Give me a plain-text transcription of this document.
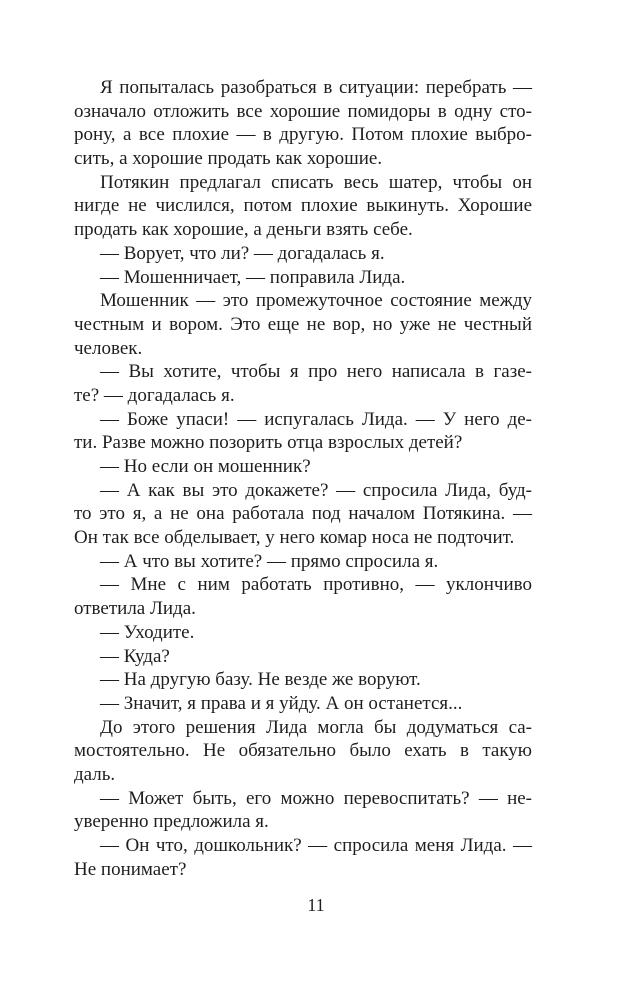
Я попыталась разобраться в ситуации: перебрать —
означало отложить все хорошие помидоры в одну сто-
рону, а все плохие — в другую. Потом плохие выбро-
сить, а хорошие продать как хорошие.
Потякин предлагал списать весь шатер, чтобы он
нигде не числился, потом плохие выкинуть. Хорошие
продать как хорошие, а деньги взять себе.
— Ворует, что ли? — догадалась я.
— Мошенничает, — поправила Лида.
Мошенник — это промежуточное состояние между
честным и вором. Это еще не вор, но уже не честный
человек.
— Вы хотите, чтобы я про него написала в газе-
те? — догадалась я.
— Боже упаси! — испугалась Лида. — У него де-
ти. Разве можно позорить отца взрослых детей?
— Но если он мошенник?
— А как вы это докажете? — спросила Лида, буд-
то это я, а не она работала под началом Потякина. —
Он так все обделывает, у него комар носа не подточит.
— А что вы хотите? — прямо спросила я.
— Мне с ним работать противно, — уклончиво
ответила Лида.
— Уходите.
— Куда?
— На другую базу. Не везде же воруют.
— Значит, я права и я уйду. А он останется...
До этого решения Лида могла бы додуматься са-
мостоятельно. Не обязательно было ехать в такую
даль.
— Может быть, его можно перевоспитать? — не-
уверенно предложила я.
— Он что, дошкольник? — спросила меня Лида. —
Не понимает?
11
